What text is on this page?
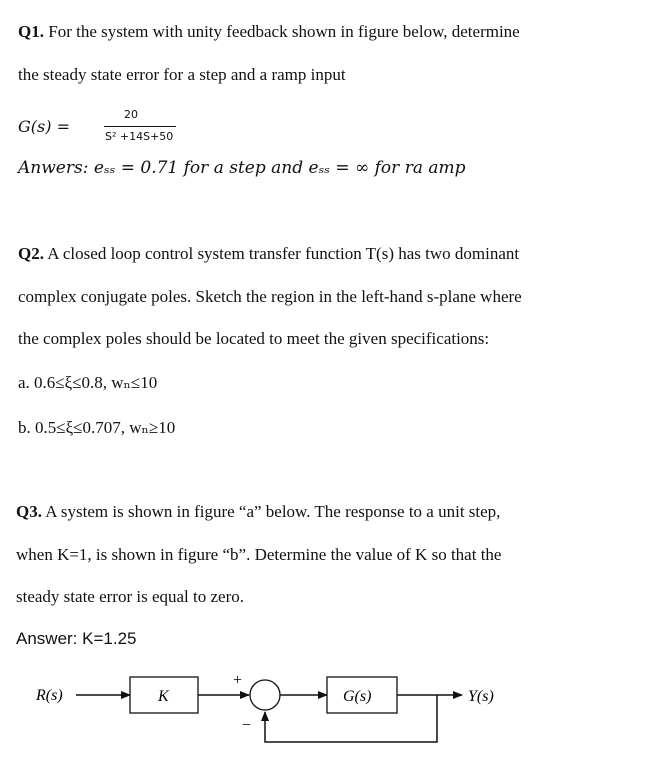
Q1. For the system with unity feedback shown in figure below, determine
the steady state error for a step and a ramp input
G(s) =
20
S² +14S+50
Anwers: eₛₛ = 0.71 for a step and eₛₛ = ∞ for ra amp
Q2. A closed loop control system transfer function T(s) has two dominant
complex conjugate poles. Sketch the region in the left-hand s-plane where
the complex poles should be located to meet the given specifications:
a. 0.6≤ξ≤0.8, wₙ≤10
b. 0.5≤ξ≤0.707, wₙ≥10
Q3. A system is shown in figure “a” below. The response to a unit step,
when K=1, is shown in figure “b”. Determine the value of K so that the
steady state error is equal to zero.
Answer: K=1.25
R(s)	K
+
−
G(s)	Y(s)
